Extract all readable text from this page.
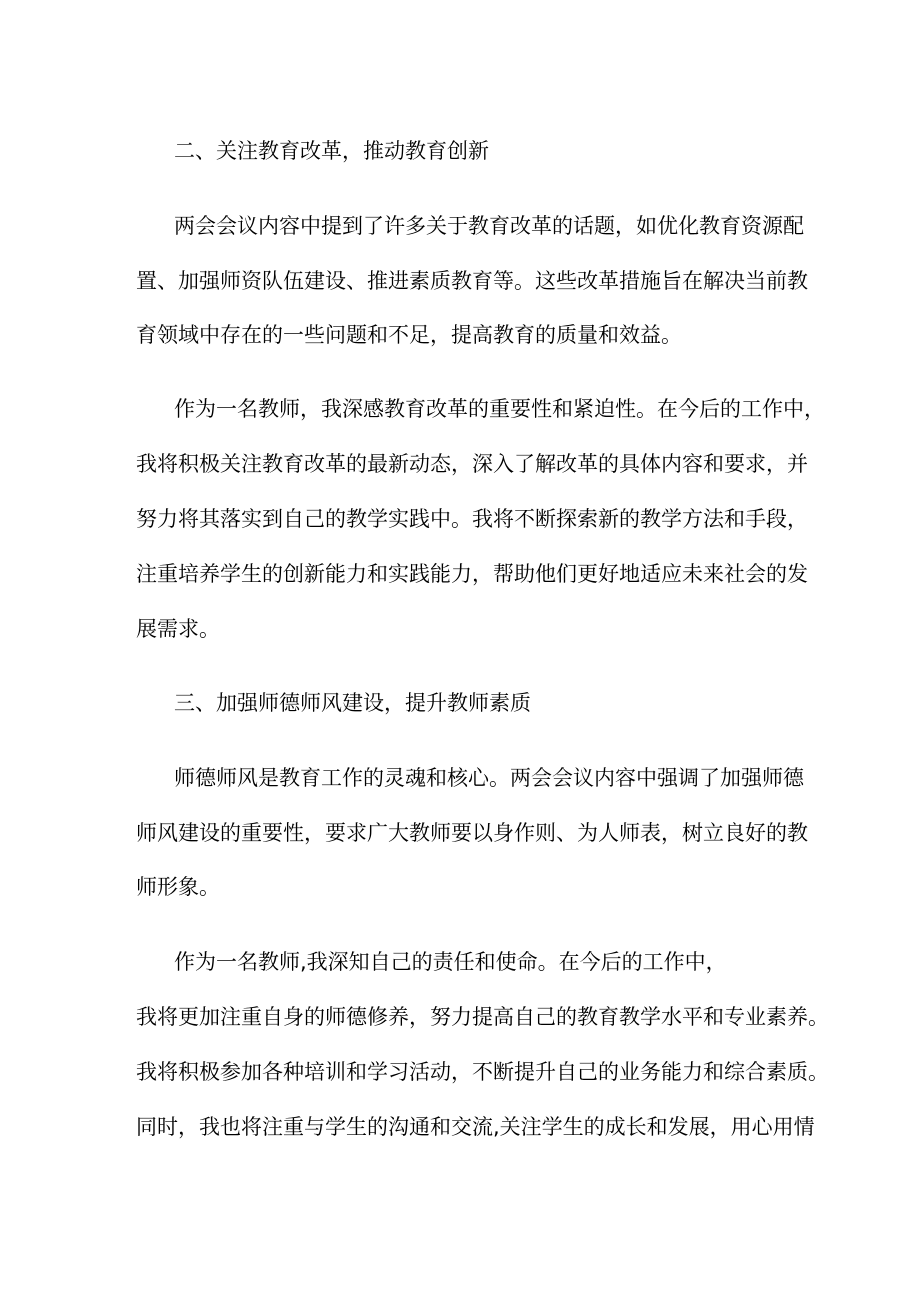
二、关注教育改革，推动教育创新
两会会议内容中提到了许多关于教育改革的话题，如优化教育资源配
置、加强师资队伍建设、推进素质教育等。这些改革措施旨在解决当前教
育领域中存在的一些问题和不足，提高教育的质量和效益。
作为一名教师，我深感教育改革的重要性和紧迫性。在今后的工作中，
我将积极关注教育改革的最新动态，深入了解改革的具体内容和要求，并
努力将其落实到自己的教学实践中。我将不断探索新的教学方法和手段，
注重培养学生的创新能力和实践能力，帮助他们更好地适应未来社会的发
展需求。
三、加强师德师风建设，提升教师素质
师德师风是教育工作的灵魂和核心。两会会议内容中强调了加强师德
师风建设的重要性，要求广大教师要以身作则、为人师表，树立良好的教
师形象。
作为一名教师,我深知自己的责任和使命。在今后的工作中，
我将更加注重自身的师德修养，努力提高自己的教育教学水平和专业素养。
我将积极参加各种培训和学习活动，不断提升自己的业务能力和综合素质。
同时，我也将注重与学生的沟通和交流,关注学生的成长和发展，用心用情
